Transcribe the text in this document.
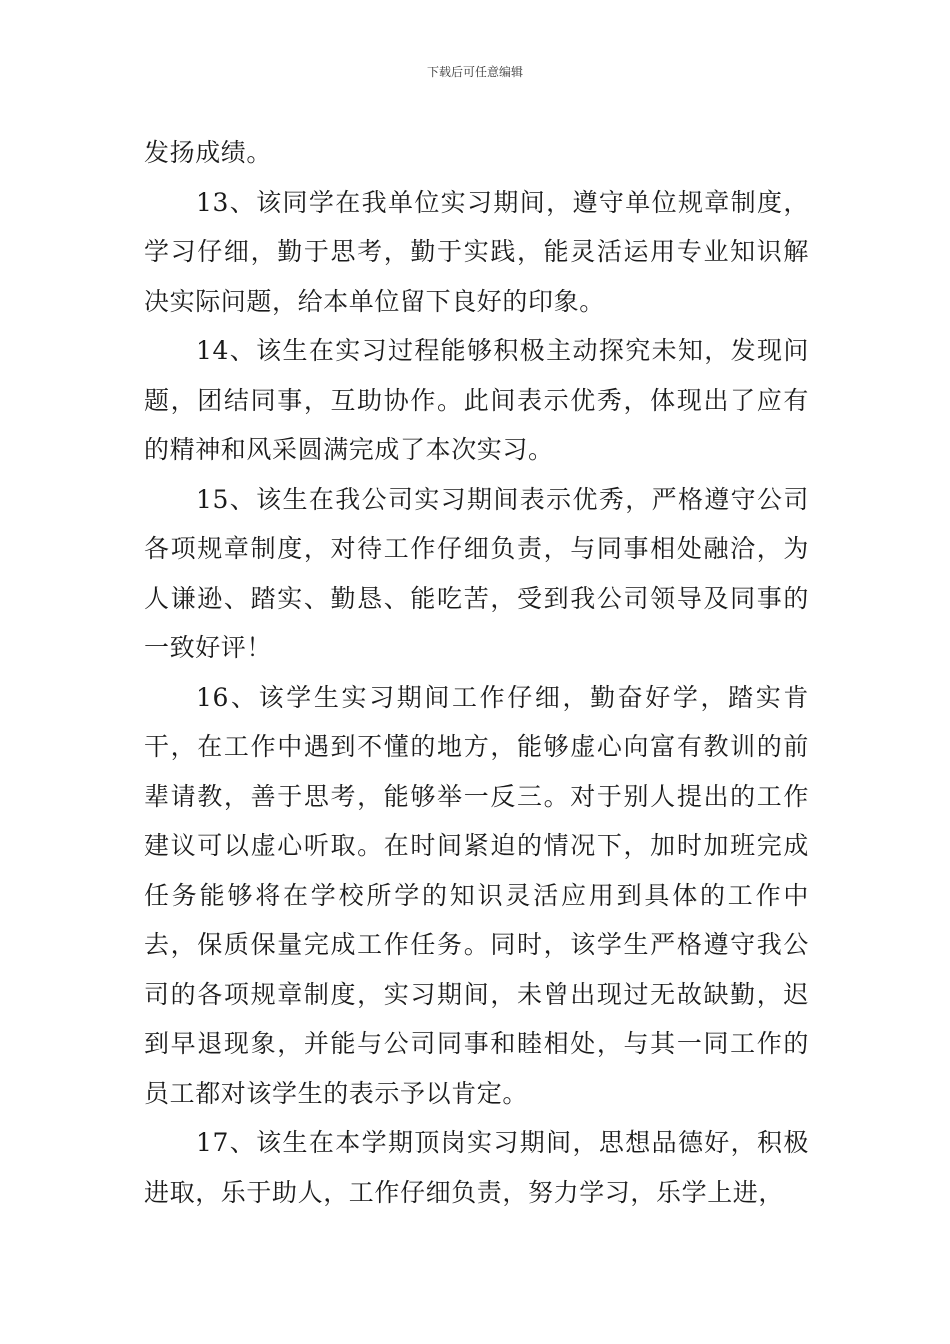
下载后可任意编辑

发扬成绩。

13、该同学在我单位实习期间，遵守单位规章制度，学习仔细，勤于思考，勤于实践，能灵活运用专业知识解决实际问题，给本单位留下良好的印象。

14、该生在实习过程能够积极主动探究未知，发现问题，团结同事，互助协作。此间表示优秀，体现出了应有的精神和风采圆满完成了本次实习。

15、该生在我公司实习期间表示优秀，严格遵守公司各项规章制度，对待工作仔细负责，与同事相处融洽，为人谦逊、踏实、勤恳、能吃苦，受到我公司领导及同事的一致好评！

16、该学生实习期间工作仔细，勤奋好学，踏实肯干，在工作中遇到不懂的地方，能够虚心向富有教训的前辈请教，善于思考，能够举一反三。对于别人提出的工作建议可以虚心听取。在时间紧迫的情况下，加时加班完成任务能够将在学校所学的知识灵活应用到具体的工作中去，保质保量完成工作任务。同时，该学生严格遵守我公司的各项规章制度，实习期间，未曾出现过无故缺勤，迟到早退现象，并能与公司同事和睦相处，与其一同工作的员工都对该学生的表示予以肯定。

17、该生在本学期顶岗实习期间，思想品德好，积极进取，乐于助人，工作仔细负责，努力学习，乐学上进，
